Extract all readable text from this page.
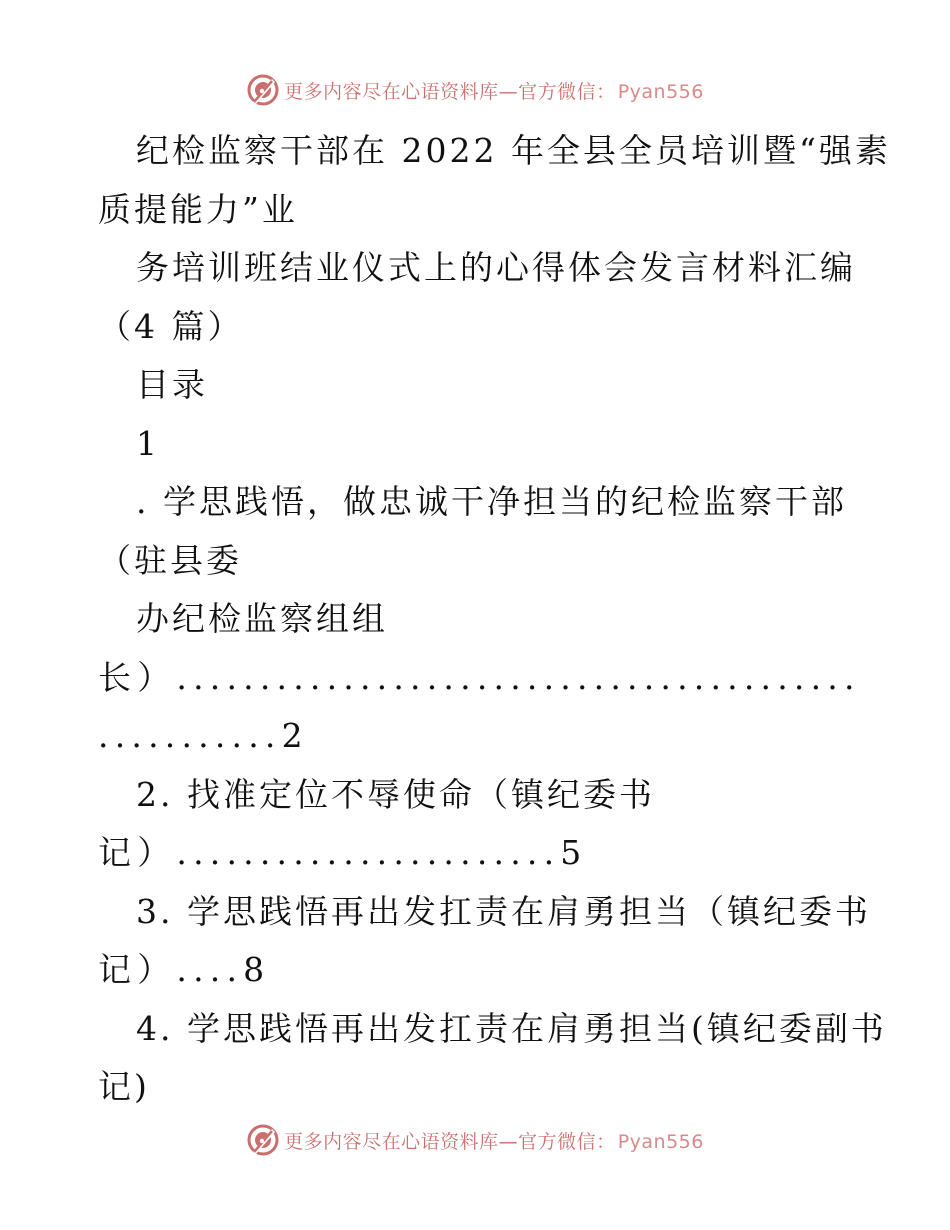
更多内容尽在心语资料库—官方微信： Pyan556
纪检监察干部在 2022 年全县全员培训暨“强素
质提能力”业
务培训班结业仪式上的心得体会发言材料汇编
（4 篇）
目录
1
. 学思践悟，做忠诚干净担当的纪检监察干部
（驻县委
办纪检监察组组
长）.........................................
...........2
2. 找准定位不辱使命（镇纪委书
记）.......................5
3. 学思践悟再出发扛责在肩勇担当（镇纪委书
记）....8
4. 学思践悟再出发扛责在肩勇担当(镇纪委副书
记)
更多内容尽在心语资料库—官方微信： Pyan556
